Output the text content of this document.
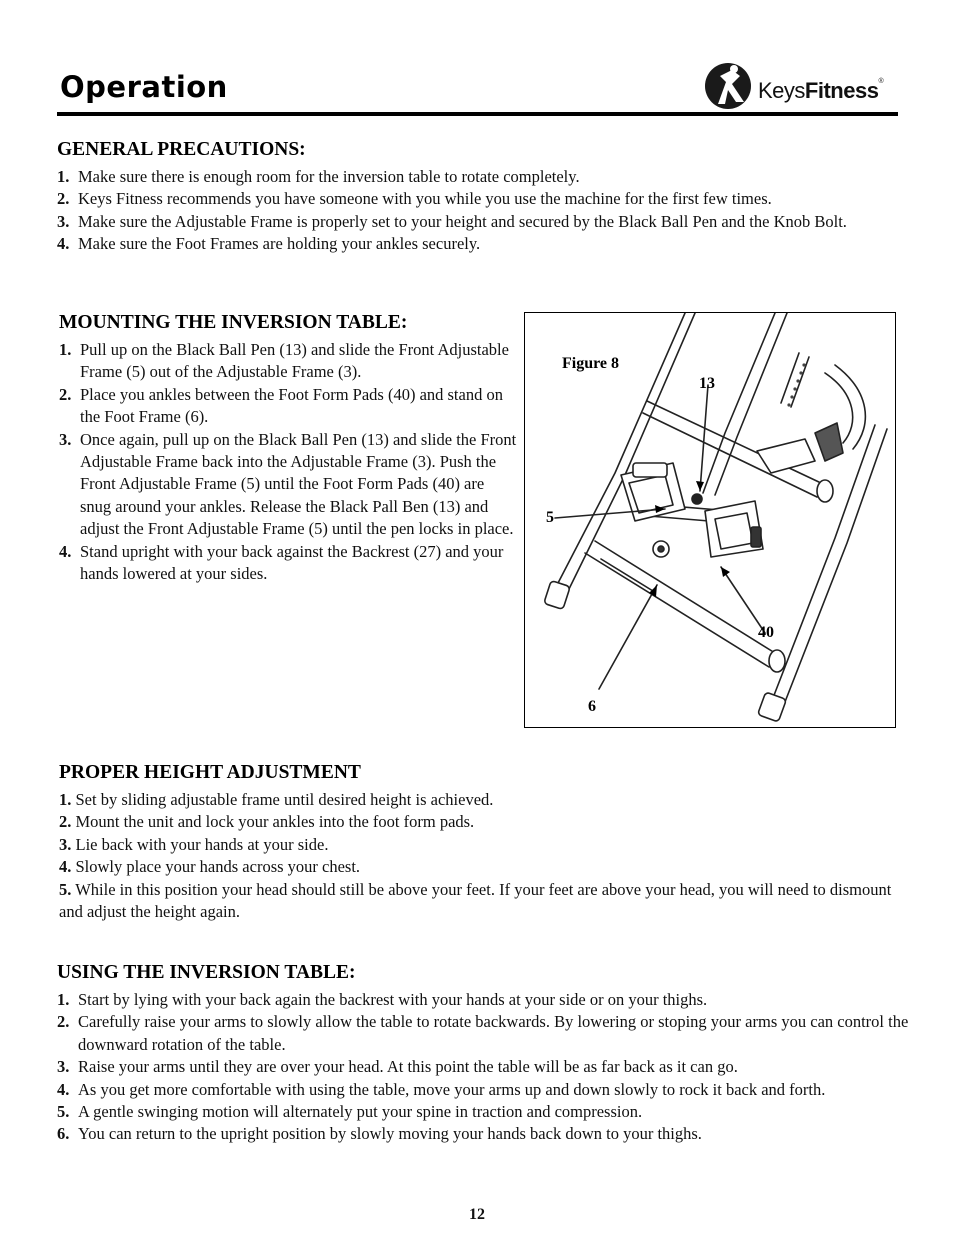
Operation	KeysFitness®
GENERAL PRECAUTIONS:
1. Make sure there is enough room for the inversion table to rotate completely.
2. Keys Fitness recommends you have someone with you while you use the machine for the first few times.
3. Make sure the Adjustable Frame is properly set to your height and secured by the Black Ball Pen and the Knob Bolt.
4. Make sure the Foot Frames are holding your ankles securely.
MOUNTING THE INVERSION TABLE:
1. Pull up on the Black Ball Pen (13) and slide the Front Adjustable Frame (5) out of the Adjustable Frame (3).
2. Place you ankles between the Foot Form Pads (40) and stand on the Foot Frame (6).
3. Once again, pull up on the Black Ball Pen (13) and slide the Front Adjustable Frame back into the Adjustable Frame (3). Push the Front Adjustable Frame (5) until the Foot Form Pads (40) are snug around your ankles. Release the Black Pall Ben (13) and adjust the Front Adjustable Frame (5) until the pen locks in place.
4. Stand upright with your back against the Backrest (27) and your hands lowered at your sides.
Figure 8
13
5
40
6
PROPER HEIGHT ADJUSTMENT
1. Set by sliding adjustable frame until desired height is achieved.
2. Mount the unit and lock your ankles into the foot form pads.
3. Lie back with your hands at your side.
4. Slowly place your hands across your chest.
5. While in this position your head should still be above your feet. If your feet are above your head, you will need to dismount and adjust the height again.
USING THE INVERSION TABLE:
1. Start by lying with your back again the backrest with your hands at your side or on your thighs.
2. Carefully raise your arms to slowly allow the table to rotate backwards. By lowering or stoping your arms you can control the downward rotation of the table.
3. Raise your arms until they are over your head. At this point the table will be as far back as it can go.
4. As you get more comfortable with using the table, move your arms up and down slowly to rock it back and forth.
5. A gentle swinging motion will alternately put your spine in traction and compression.
6. You can return to the upright position by slowly moving your hands back down to your thighs.
12
